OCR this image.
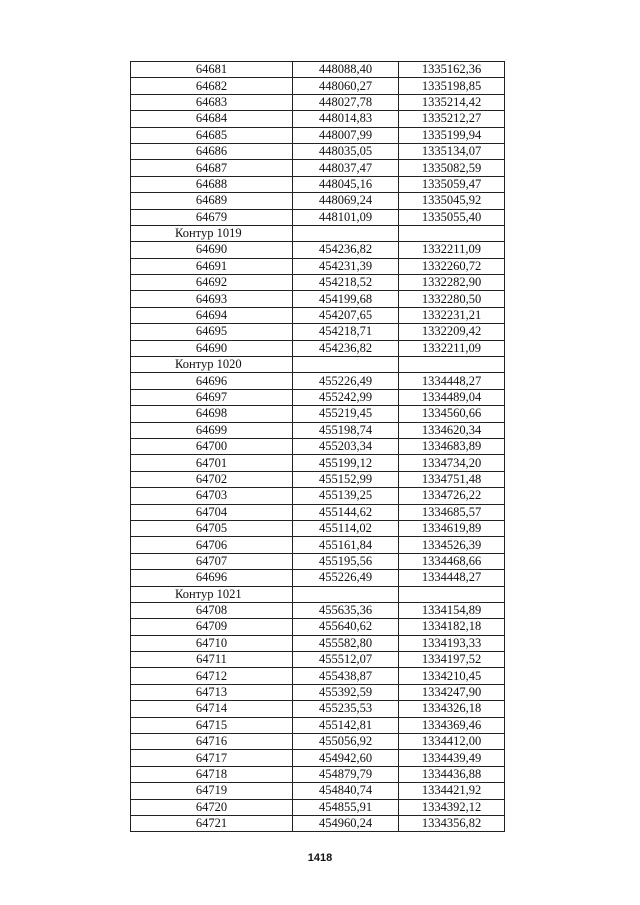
64681	448088,40	1335162,36
64682	448060,27	1335198,85
64683	448027,78	1335214,42
64684	448014,83	1335212,27
64685	448007,99	1335199,94
64686	448035,05	1335134,07
64687	448037,47	1335082,59
64688	448045,16	1335059,47
64689	448069,24	1335045,92
64679	448101,09	1335055,40
Контур 1019		
64690	454236,82	1332211,09
64691	454231,39	1332260,72
64692	454218,52	1332282,90
64693	454199,68	1332280,50
64694	454207,65	1332231,21
64695	454218,71	1332209,42
64690	454236,82	1332211,09
Контур 1020		
64696	455226,49	1334448,27
64697	455242,99	1334489,04
64698	455219,45	1334560,66
64699	455198,74	1334620,34
64700	455203,34	1334683,89
64701	455199,12	1334734,20
64702	455152,99	1334751,48
64703	455139,25	1334726,22
64704	455144,62	1334685,57
64705	455114,02	1334619,89
64706	455161,84	1334526,39
64707	455195,56	1334468,66
64696	455226,49	1334448,27
Контур 1021		
64708	455635,36	1334154,89
64709	455640,62	1334182,18
64710	455582,80	1334193,33
64711	455512,07	1334197,52
64712	455438,87	1334210,45
64713	455392,59	1334247,90
64714	455235,53	1334326,18
64715	455142,81	1334369,46
64716	455056,92	1334412,00
64717	454942,60	1334439,49
64718	454879,79	1334436,88
64719	454840,74	1334421,92
64720	454855,91	1334392,12
64721	454960,24	1334356,82
1418
